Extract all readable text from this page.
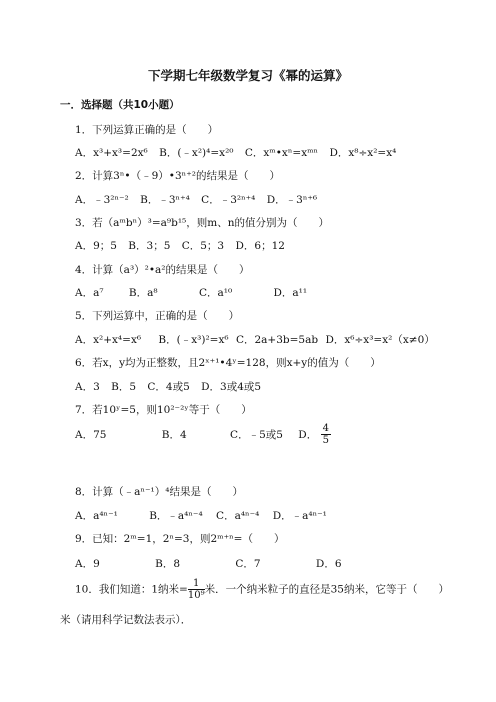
下学期七年级数学复习《幂的运算》
一．选择题（共10小题）
1．下列运算正确的是（　　）
A．x³+x³=2x⁶ B．(﹣x²)⁴=x²⁰ C．xᵐ•xⁿ=xᵐⁿ D．x⁸÷x²=x⁴
2．计算3ⁿ•（﹣9）•3ⁿ⁺²的结果是（　　）
A．﹣3²ⁿ⁻² B．﹣3ⁿ⁺⁴ C．﹣3²ⁿ⁺⁴ D．﹣3ⁿ⁺⁶
3．若（aᵐbⁿ）³=a⁹b¹⁵，则m、n的值分别为（　　）
A．9；5 B．3；5 C．5；3 D．6；12
4．计算（a³）²•a²的结果是（　　）
A．a⁷ B．a⁸	C．a¹⁰	D．a¹¹
5．下列运算中，正确的是（　　）
A．x²+x⁴=x⁶ B．(﹣x³)²=x⁶ C．2a+3b=5ab D．x⁶÷x³=x²（x≠0）
6．若x，y均为正整数，且2ˣ⁺¹•4ʸ=128，则x+y的值为（　　）
A．3 B．5 C．4或5 D．3或4或5
7．若10ʸ=5，则10²⁻²ʸ等于（　　）
A．75	B．4	C．﹣5或5 D． $\frac{4}{5}$
8．计算（﹣aⁿ⁻¹）⁴结果是（　　）
A．a⁴ⁿ⁻¹	B．﹣a⁴ⁿ⁻⁴ C．a⁴ⁿ⁻⁴ D．﹣a⁴ⁿ⁻¹
9．已知：2ᵐ=1，2ⁿ=3，则2ᵐ⁺ⁿ=（　　）
A．9	B．8	C．7	D．6
10．我们知道：1纳米= $\frac{1}{\text{10⁹}}$ 米．一个纳米粒子的直径是35纳米，它等于（　　）
米（请用科学记数法表示）．
